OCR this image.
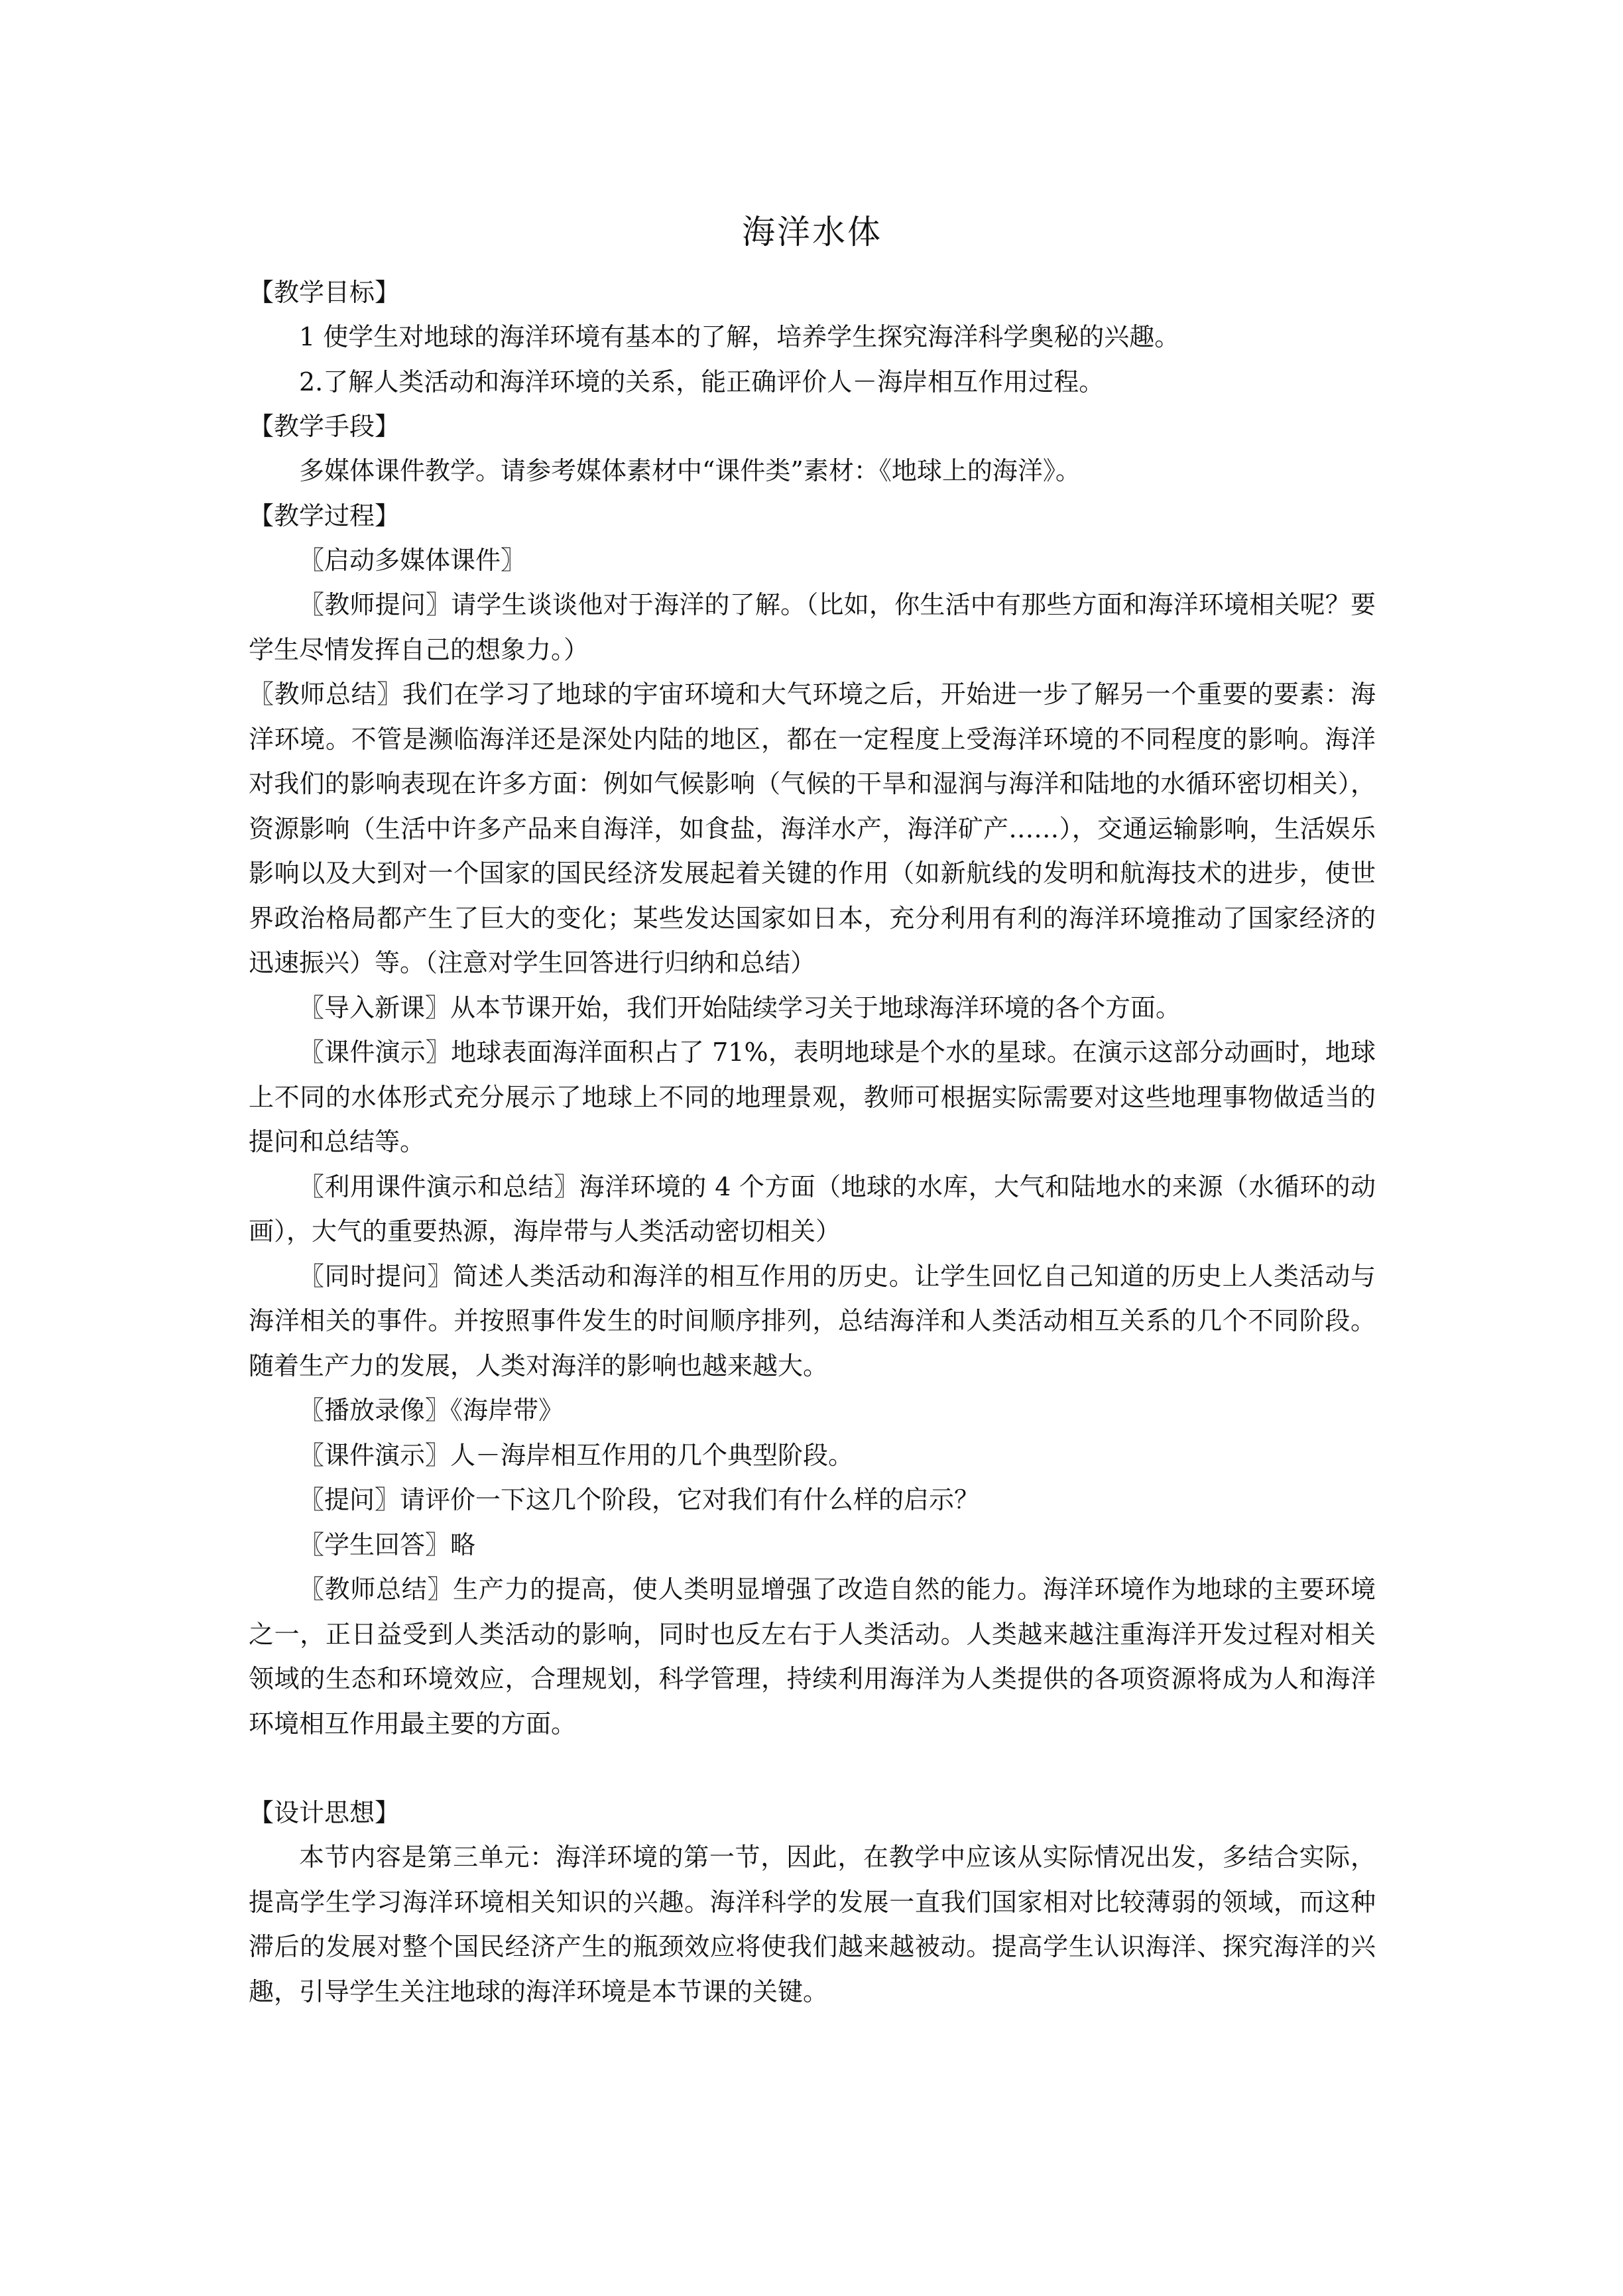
海洋水体
【教学目标】

1 使学生对地球的海洋环境有基本的了解，培养学生探究海洋科学奥秘的兴趣。

2.了解人类活动和海洋环境的关系，能正确评价人－海岸相互作用过程。

【教学手段】

多媒体课件教学。请参考媒体素材中“课件类”素材：《地球上的海洋》。

【教学过程】

〖启动多媒体课件〗

〖教师提问〗请学生谈谈他对于海洋的了解。（比如，你生活中有那些方面和海洋环境相关呢？要学生尽情发挥自己的想象力。）

〖教师总结〗我们在学习了地球的宇宙环境和大气环境之后，开始进一步了解另一个重要的要素：海洋环境。不管是濒临海洋还是深处内陆的地区，都在一定程度上受海洋环境的不同程度的影响。海洋对我们的影响表现在许多方面：例如气候影响（气候的干旱和湿润与海洋和陆地的水循环密切相关），资源影响（生活中许多产品来自海洋，如食盐，海洋水产，海洋矿产……），交通运输影响，生活娱乐影响以及大到对一个国家的国民经济发展起着关键的作用（如新航线的发明和航海技术的进步，使世界政治格局都产生了巨大的变化；某些发达国家如日本，充分利用有利的海洋环境推动了国家经济的迅速振兴）等。（注意对学生回答进行归纳和总结）

〖导入新课〗从本节课开始，我们开始陆续学习关于地球海洋环境的各个方面。

〖课件演示〗地球表面海洋面积占了 71%，表明地球是个水的星球。在演示这部分动画时，地球上不同的水体形式充分展示了地球上不同的地理景观，教师可根据实际需要对这些地理事物做适当的提问和总结等。

〖利用课件演示和总结〗海洋环境的 4 个方面（地球的水库，大气和陆地水的来源（水循环的动画），大气的重要热源，海岸带与人类活动密切相关）

〖同时提问〗简述人类活动和海洋的相互作用的历史。让学生回忆自己知道的历史上人类活动与海洋相关的事件。并按照事件发生的时间顺序排列，总结海洋和人类活动相互关系的几个不同阶段。随着生产力的发展，人类对海洋的影响也越来越大。

〖播放录像〗《海岸带》

〖课件演示〗人－海岸相互作用的几个典型阶段。

〖提问〗请评价一下这几个阶段，它对我们有什么样的启示？

〖学生回答〗略

〖教师总结〗生产力的提高，使人类明显增强了改造自然的能力。海洋环境作为地球的主要环境之一，正日益受到人类活动的影响，同时也反左右于人类活动。人类越来越注重海洋开发过程对相关领域的生态和环境效应，合理规划，科学管理，持续利用海洋为人类提供的各项资源将成为人和海洋环境相互作用最主要的方面。

【设计思想】

本节内容是第三单元：海洋环境的第一节，因此，在教学中应该从实际情况出发，多结合实际，提高学生学习海洋环境相关知识的兴趣。海洋科学的发展一直我们国家相对比较薄弱的领域，而这种滞后的发展对整个国民经济产生的瓶颈效应将使我们越来越被动。提高学生认识海洋、探究海洋的兴趣，引导学生关注地球的海洋环境是本节课的关键。
